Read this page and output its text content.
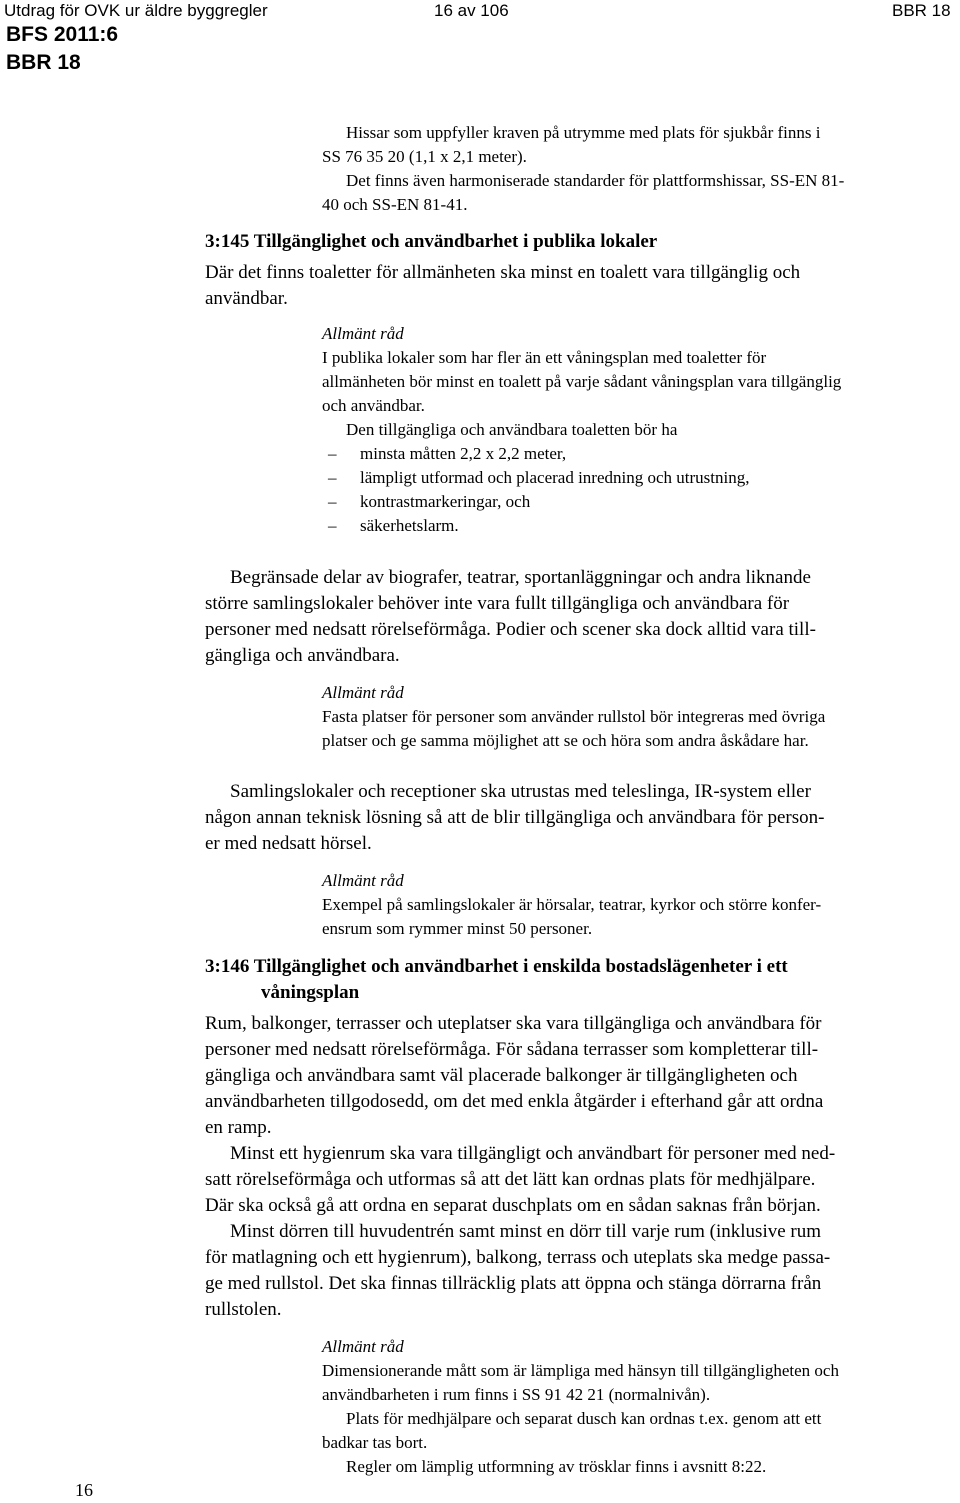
Utdrag för OVK ur äldre byggregler	16 av 106	BBR 18
BFS 2011:6
BBR 18
Hissar som uppfyller kraven på utrymme med plats för sjukbår finns i
SS 76 35 20 (1,1 x 2,1 meter).
Det finns även harmoniserade standarder för plattformshissar, SS-EN 81-
40 och SS-EN 81-41.
3:145 Tillgänglighet och användbarhet i publika lokaler
Där det finns toaletter för allmänheten ska minst en toalett vara tillgänglig och
användbar.
Allmänt råd
I publika lokaler som har fler än ett våningsplan med toaletter för
allmänheten bör minst en toalett på varje sådant våningsplan vara tillgänglig
och användbar.
Den tillgängliga och användbara toaletten bör ha
– minsta måtten 2,2 x 2,2 meter,
– lämpligt utformad och placerad inredning och utrustning,
– kontrastmarkeringar, och
– säkerhetslarm.
Begränsade delar av biografer, teatrar, sportanläggningar och andra liknande
större samlingslokaler behöver inte vara fullt tillgängliga och användbara för
personer med nedsatt rörelseförmåga. Podier och scener ska dock alltid vara till-
gängliga och användbara.
Allmänt råd
Fasta platser för personer som använder rullstol bör integreras med övriga
platser och ge samma möjlighet att se och höra som andra åskådare har.
Samlingslokaler och receptioner ska utrustas med teleslinga, IR-system eller
någon annan teknisk lösning så att de blir tillgängliga och användbara för person-
er med nedsatt hörsel.
Allmänt råd
Exempel på samlingslokaler är hörsalar, teatrar, kyrkor och större konfer-
ensrum som rymmer minst 50 personer.
3:146 Tillgänglighet och användbarhet i enskilda bostadslägenheter i ett
våningsplan
Rum, balkonger, terrasser och uteplatser ska vara tillgängliga och användbara för
personer med nedsatt rörelseförmåga. För sådana terrasser som kompletterar till-
gängliga och användbara samt väl placerade balkonger är tillgängligheten och
användbarheten tillgodosedd, om det med enkla åtgärder i efterhand går att ordna
en ramp.
Minst ett hygienrum ska vara tillgängligt och användbart för personer med ned-
satt rörelseförmåga och utformas så att det lätt kan ordnas plats för medhjälpare.
Där ska också gå att ordna en separat duschplats om en sådan saknas från början.
Minst dörren till huvudentrén samt minst en dörr till varje rum (inklusive rum
för matlagning och ett hygienrum), balkong, terrass och uteplats ska medge passa-
ge med rullstol. Det ska finnas tillräcklig plats att öppna och stänga dörrarna från
rullstolen.
Allmänt råd
Dimensionerande mått som är lämpliga med hänsyn till tillgängligheten och
användbarheten i rum finns i SS 91 42 21 (normalnivån).
Plats för medhjälpare och separat dusch kan ordnas t.ex. genom att ett
badkar tas bort.
Regler om lämplig utformning av trösklar finns i avsnitt 8:22.
16
